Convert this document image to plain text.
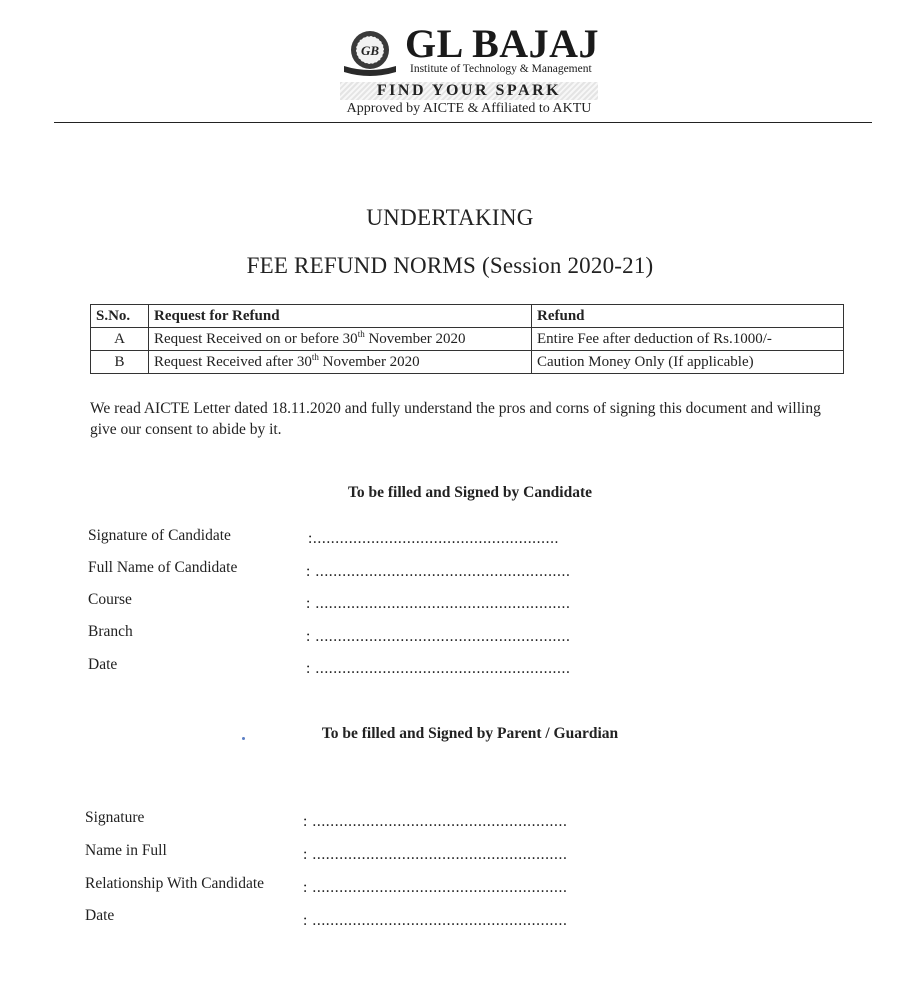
GB GL BAJAJ
Institute of Technology & Management
FIND YOUR SPARK
Approved by AICTE & Affiliated to AKTU
UNDERTAKING
FEE REFUND NORMS (Session 2020-21)
S.No.	Request for Refund	Refund
A	Request Received on or before 30th November 2020	Entire Fee after deduction of Rs.1000/-
B	Request Received after 30th November 2020	Caution Money Only (If applicable)
We read AICTE Letter dated 18.11.2020 and fully understand the pros and corns of signing this document and willing give our consent to abide by it.
To be filled and Signed by Candidate
Signature of Candidate	:.......................................................
Full Name of Candidate	: .........................................................
Course	: .........................................................
Branch	: .........................................................
Date	: .........................................................
To be filled and Signed by Parent / Guardian
Signature	: .........................................................
Name in Full	: .........................................................
Relationship With Candidate	: .........................................................
Date	: .........................................................
